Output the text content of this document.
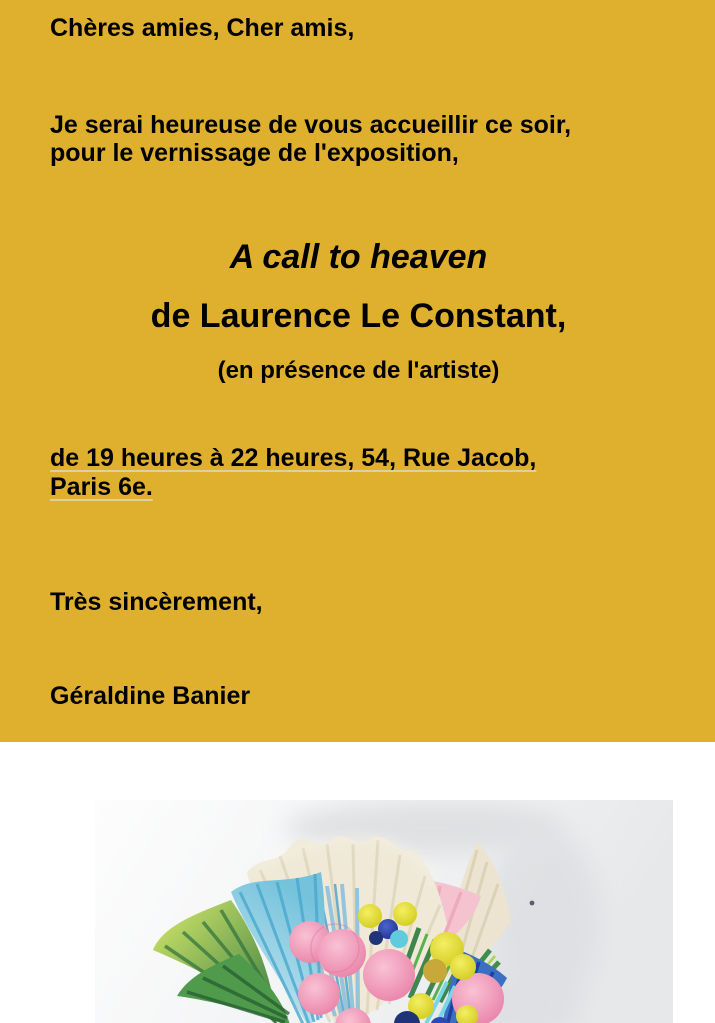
Chères amies, Cher amis,

Je serai heureuse de vous accueillir ce soir,
pour le vernissage de l'exposition,

A call to heaven
de Laurence Le Constant,

(en présence de l'artiste)

de 19 heures à 22 heures, 54, Rue Jacob,
Paris 6e.

Très sincèrement,

Géraldine Banier
